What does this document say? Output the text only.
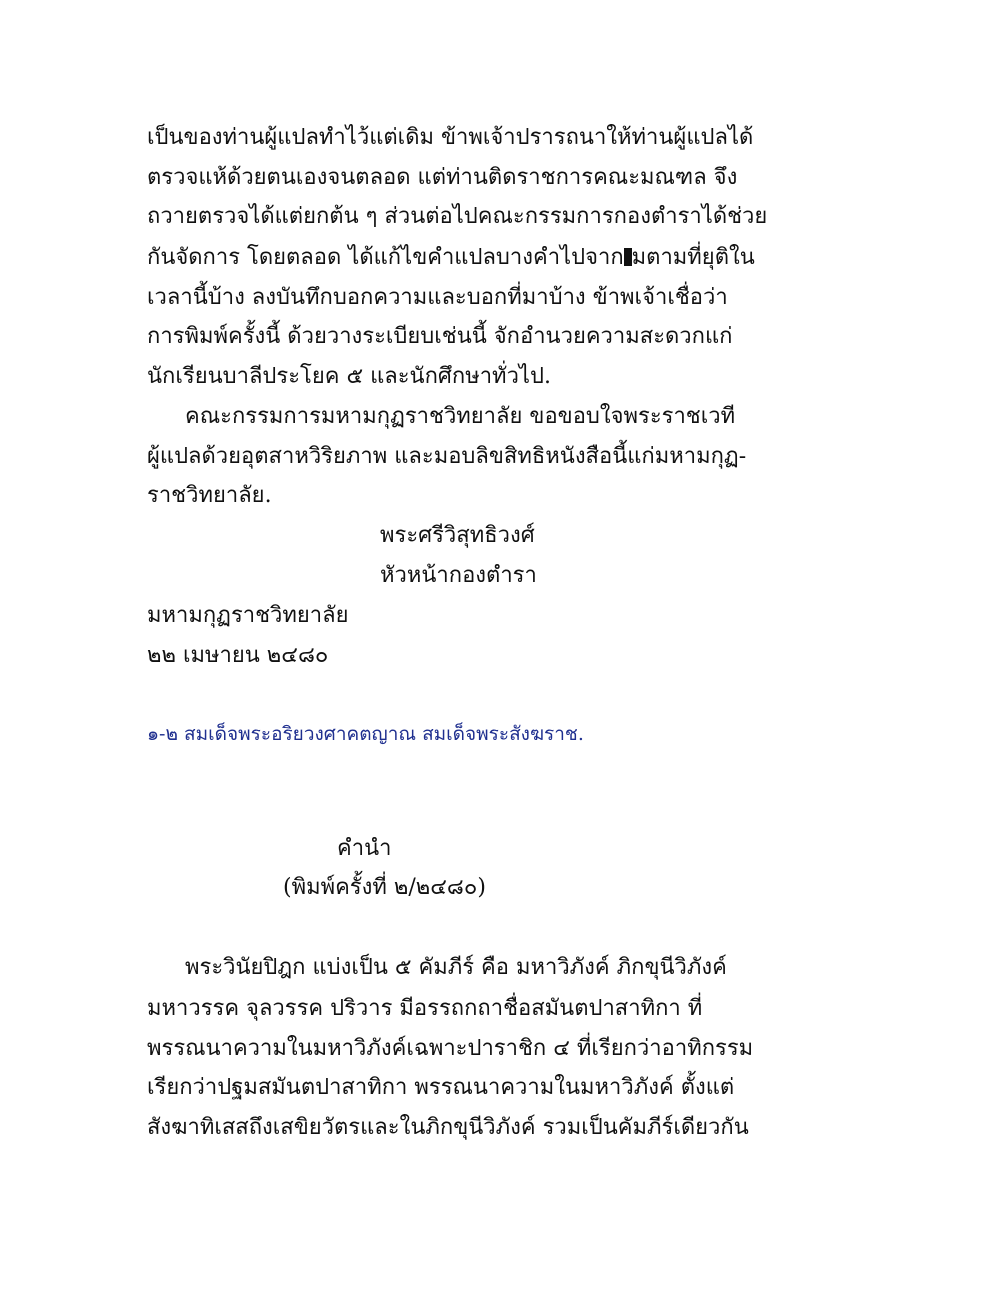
เป็นของท่านผู้แปลทำไว้แต่เดิม ข้าพเจ้าปรารถนาให้ท่านผู้แปลได้
ตรวจแห้ด้วยตนเองจนตลอด แต่ท่านติดราชการคณะมณฑล จึง
ถวายตรวจได้แต่ยกต้น ๆ ส่วนต่อไปคณะกรรมการกองตำราได้ช่วย
กันจัดการ โดยตลอด ได้แก้ไขคำแปลบางคำไปจาก มตามที่ยุติใน
เวลานี้บ้าง ลงบันทึกบอกความและบอกที่มาบ้าง ข้าพเจ้าเชื่อว่า
การพิมพ์ครั้งนี้ ด้วยวางระเบียบเช่นนี้ จักอำนวยความสะดวกแก่
นักเรียนบาลีประโยค ๕ และนักศึกษาทั่วไป.
คณะกรรมการมหามกุฏราชวิทยาลัย ขอขอบใจพระราชเวที
ผู้แปลด้วยอุตสาหวิริยภาพ และมอบลิขสิทธิหนังสือนี้แก่มหามกุฏ-
ราชวิทยาลัย.
พระศรีวิสุทธิวงศ์
หัวหน้ากองตำรา
มหามกุฏราชวิทยาลัย
๒๒ เมษายน ๒๔๘๐
๑-๒ สมเด็จพระอริยวงศาคตญาณ สมเด็จพระสังฆราช.
คำนำ
(พิมพ์ครั้งที่ ๒/๒๔๘๐)
พระวินัยปิฎก แบ่งเป็น ๕ คัมภีร์ คือ มหาวิภังค์ ภิกขุนีวิภังค์
มหาวรรค จุลวรรค ปริวาร มีอรรถกถาชื่อสมันตปาสาทิกา ที่
พรรณนาความในมหาวิภังค์เฉพาะปาราชิก ๔ ที่เรียกว่าอาทิกรรม
เรียกว่าปฐมสมันตปาสาทิกา พรรณนาความในมหาวิภังค์ ตั้งแต่
สังฆาทิเสสถึงเสขิยวัตรและในภิกขุนีวิภังค์ รวมเป็นคัมภีร์เดียวกัน
